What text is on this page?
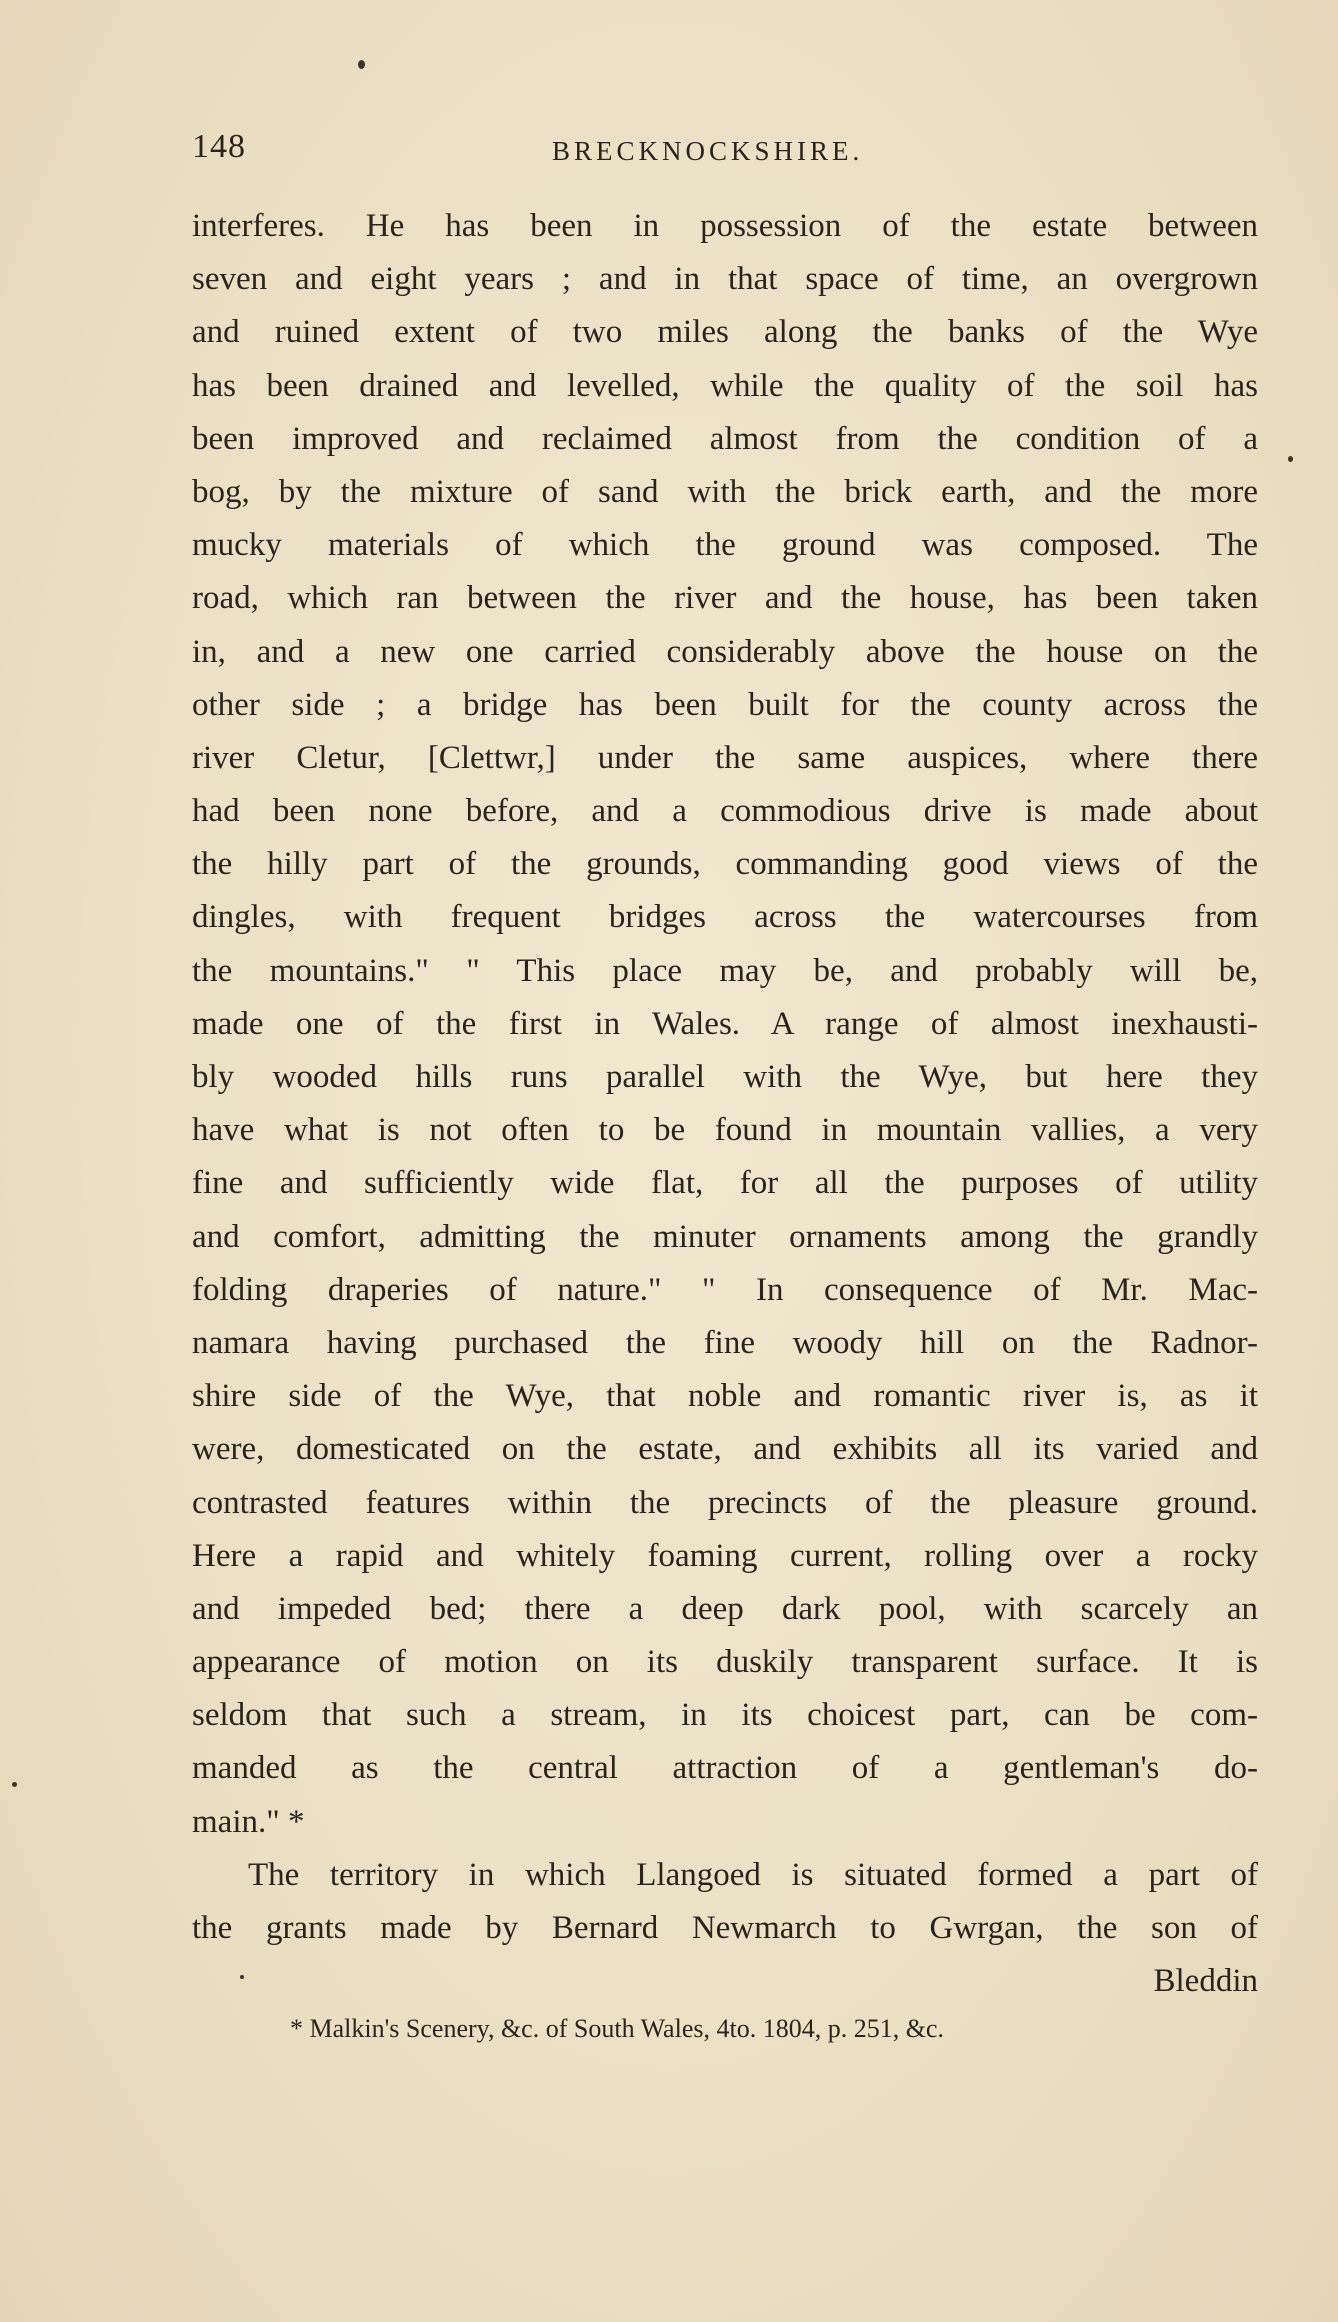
148	BRECKNOCKSHIRE.
interferes. He has been in possession of the estate between
seven and eight years ; and in that space of time, an overgrown
and ruined extent of two miles along the banks of the Wye
has been drained and levelled, while the quality of the soil has
been improved and reclaimed almost from the condition of a
bog, by the mixture of sand with the brick earth, and the more
mucky materials of which the ground was composed. The
road, which ran between the river and the house, has been taken
in, and a new one carried considerably above the house on the
other side ; a bridge has been built for the county across the
river Cletur, [Clettwr,] under the same auspices, where there
had been none before, and a commodious drive is made about
the hilly part of the grounds, commanding good views of the
dingles, with frequent bridges across the watercourses from
the mountains." " This place may be, and probably will be,
made one of the first in Wales. A range of almost inexhausti-
bly wooded hills runs parallel with the Wye, but here they
have what is not often to be found in mountain vallies, a very
fine and sufficiently wide flat, for all the purposes of utility
and comfort, admitting the minuter ornaments among the grandly
folding draperies of nature." " In consequence of Mr. Mac-
namara having purchased the fine woody hill on the Radnor-
shire side of the Wye, that noble and romantic river is, as it
were, domesticated on the estate, and exhibits all its varied and
contrasted features within the precincts of the pleasure ground.
Here a rapid and whitely foaming current, rolling over a rocky
and impeded bed; there a deep dark pool, with scarcely an
appearance of motion on its duskily transparent surface. It is
seldom that such a stream, in its choicest part, can be com-
manded as the central attraction of a gentleman's do-
main." *
The territory in which Llangoed is situated formed a part of
the grants made by Bernard Newmarch to Gwrgan, the son of
Bleddin
* Malkin's Scenery, &c. of South Wales, 4to. 1804, p. 251, &c.
